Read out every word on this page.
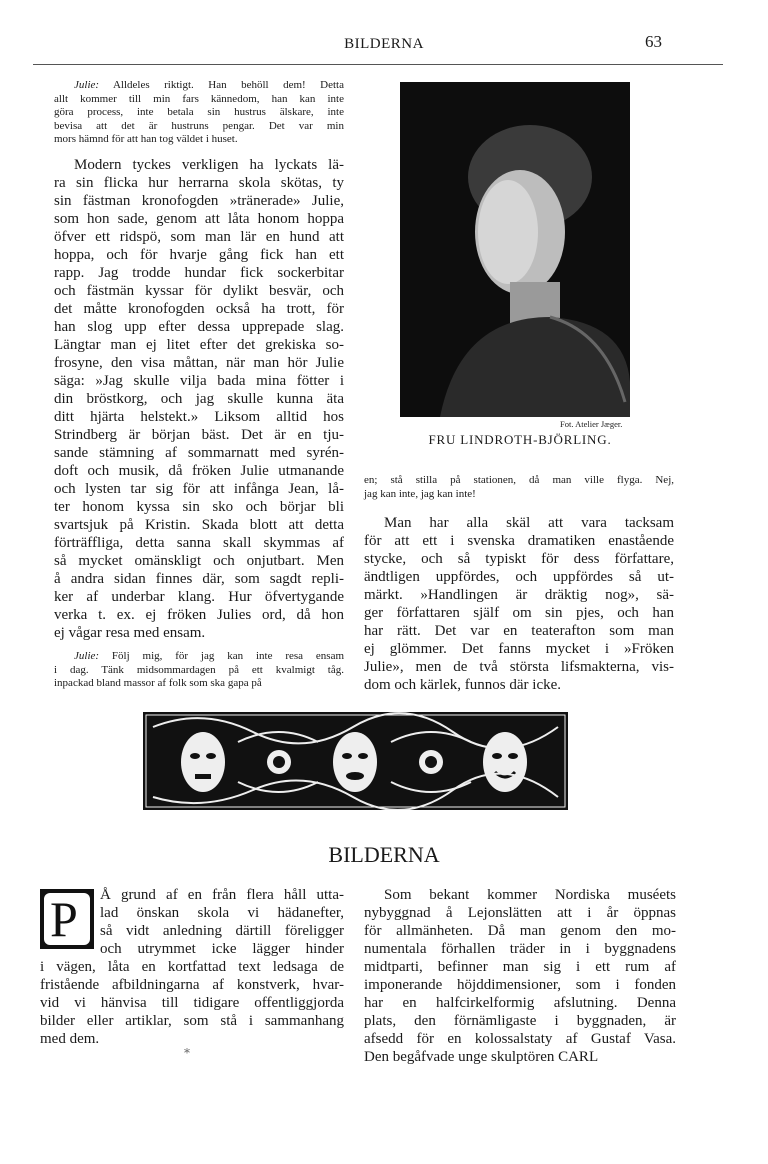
BILDERNA	63
Julie: Alldeles riktigt. Han behöll dem! Detta
allt kommer till min fars kännedom, han kan inte
göra process, inte betala sin hustrus älskare, inte
bevisa att det är hustruns pengar. Det var min
mors hämnd för att han tog väldet i huset.
Modern tyckes verkligen ha lyckats lä-
ra sin flicka hur herrarna skola skötas, ty
sin fästman kronofogden »tränerade» Julie,
som hon sade, genom att låta honom hoppa
öfver ett ridspö, som man lär en hund att
hoppa, och för hvarje gång fick han ett
rapp. Jag trodde hundar fick sockerbitar
och fästmän kyssar för dylikt besvär, och
det måtte kronofogden också ha trott, för
han slog upp efter dessa upprepade slag.
Längtar man ej litet efter det grekiska so-
frosyne, den visa måttan, när man hör Julie
säga: »Jag skulle vilja bada mina fötter i
din bröstkorg, och jag skulle kunna äta
ditt hjärta helstekt.» Liksom alltid hos
Strindberg är början bäst. Det är en tju-
sande stämning af sommarnatt med syrén-
doft och musik, då fröken Julie utmanande
och lysten tar sig för att infånga Jean, lå-
ter honom kyssa sin sko och börjar bli
svartsjuk på Kristin. Skada blott att detta
förträffliga, detta sanna skall skymmas af
så mycket omänskligt och onjutbart. Men
å andra sidan finnes där, som sagdt repli-
ker af underbar klang. Hur öfvertygande
verka t. ex. ej fröken Julies ord, då hon
ej vågar resa med ensam.
Julie: Följ mig, för jag kan inte resa ensam
i dag. Tänk midsommardagen på ett kvalmigt tåg.
inpackad bland massor af folk som ska gapa på
Fot. Atelier Jæger.
FRU LINDROTH-BJÖRLING.
en; stå stilla på stationen, då man ville flyga. Nej,
jag kan inte, jag kan inte!
Man har alla skäl att vara tacksam
för att ett i svenska dramatiken enastående
stycke, och så typiskt för dess författare,
ändtligen uppfördes, och uppfördes så ut-
märkt. »Handlingen är dräktig nog», sä-
ger författaren själf om sin pjes, och han
har rätt. Det var en teaterafton som man
ej glömmer. Det fanns mycket i »Fröken
Julie», men de två största lifsmakterna, vis-
dom och kärlek, funnos där icke.
BILDERNA
P Å grund af en från flera håll utta-
lad önskan skola vi hädanefter,
så vidt anledning därtill föreligger
och utrymmet icke lägger hinder
i vägen, låta en kortfattad text ledsaga de
fristående afbildningarna af konstverk, hvar-
vid vi hänvisa till tidigare offentliggjorda
bilder eller artiklar, som stå i sammanhang
med dem.
*
Som bekant kommer Nordiska muséets
nybyggnad å Lejonslätten att i år öppnas
för allmänheten. Då man genom den mo-
numentala förhallen träder in i byggnadens
midtparti, befinner man sig i ett rum af
imponerande höjddimensioner, som i fonden
har en halfcirkelformig afslutning. Denna
plats, den förnämligaste i byggnaden, är
afsedd för en kolossalstaty af Gustaf Vasa.
Den begåfvade unge skulptören CARL
